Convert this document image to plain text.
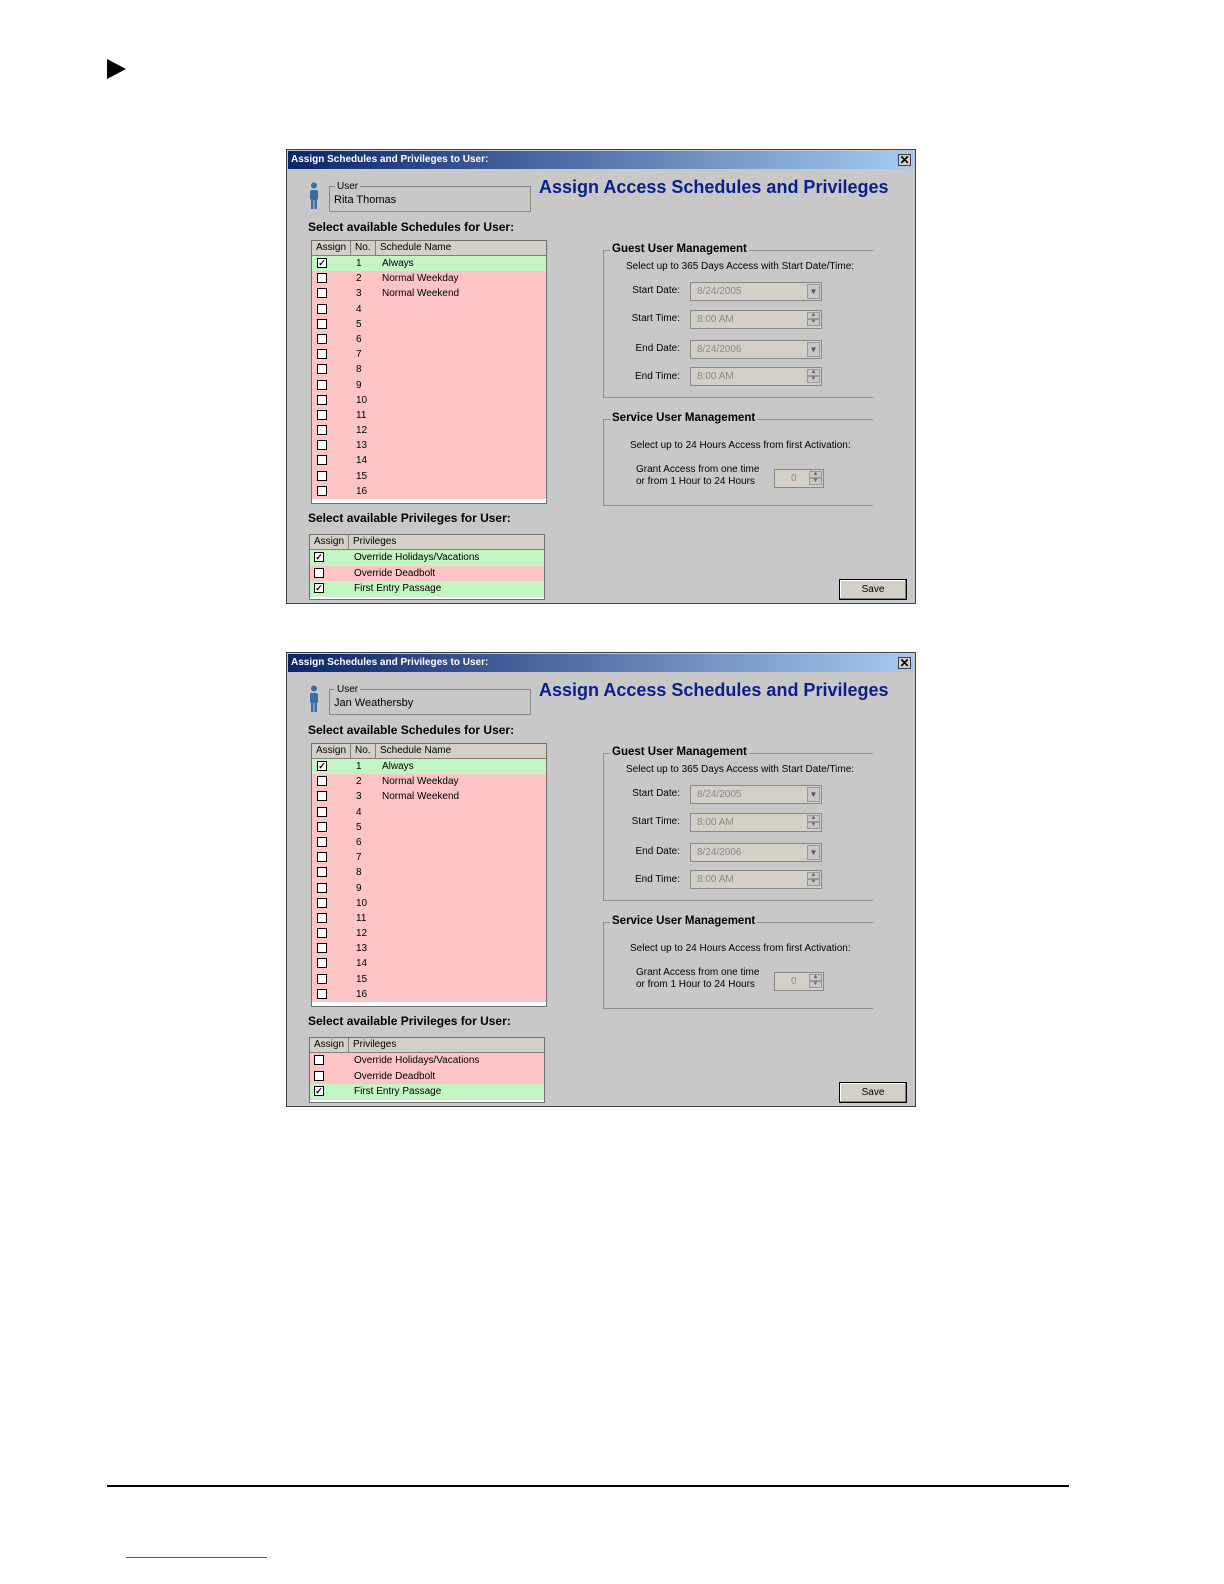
Assign Schedules and Privileges to User:	✕
User
Rita Thomas
Assign Access Schedules and Privileges
Select available Schedules for User:
Assign No. Schedule Name
✓	1 Always
2 Normal Weekday
3 Normal Weekend
4
5
6
7
8
9
10
11
12
13
14
15
16
Select available Privileges for User:
Assign Privileges
✓	Override Holidays/Vacations
Override Deadbolt
✓	First Entry Passage
Guest User Management
Select up to 365 Days Access with Start Date/Time:
Start Date:	8/24/2005	▼
Start Time:	8:00 AM	▲
▼
End Date:	8/24/2006	▼
End Time:	8:00 AM	▲
▼
Service User Management
Select up to 24 Hours Access from first Activation:
Grant Access from one time
or from 1 Hour to 24 Hours	0	▲
▼
Save
Assign Schedules and Privileges to User:	✕
User
Jan Weathersby
Assign Access Schedules and Privileges
Select available Schedules for User:
Assign No. Schedule Name
✓	1 Always
2 Normal Weekday
3 Normal Weekend
4
5
6
7
8
9
10
11
12
13
14
15
16
Select available Privileges for User:
Assign Privileges
Override Holidays/Vacations
Override Deadbolt
✓	First Entry Passage
Guest User Management
Select up to 365 Days Access with Start Date/Time:
Start Date:	8/24/2005	▼
Start Time:	8:00 AM	▲
▼
End Date:	8/24/2006	▼
End Time:	8:00 AM	▲
▼
Service User Management
Select up to 24 Hours Access from first Activation:
Grant Access from one time
or from 1 Hour to 24 Hours	0	▲
▼
Save
